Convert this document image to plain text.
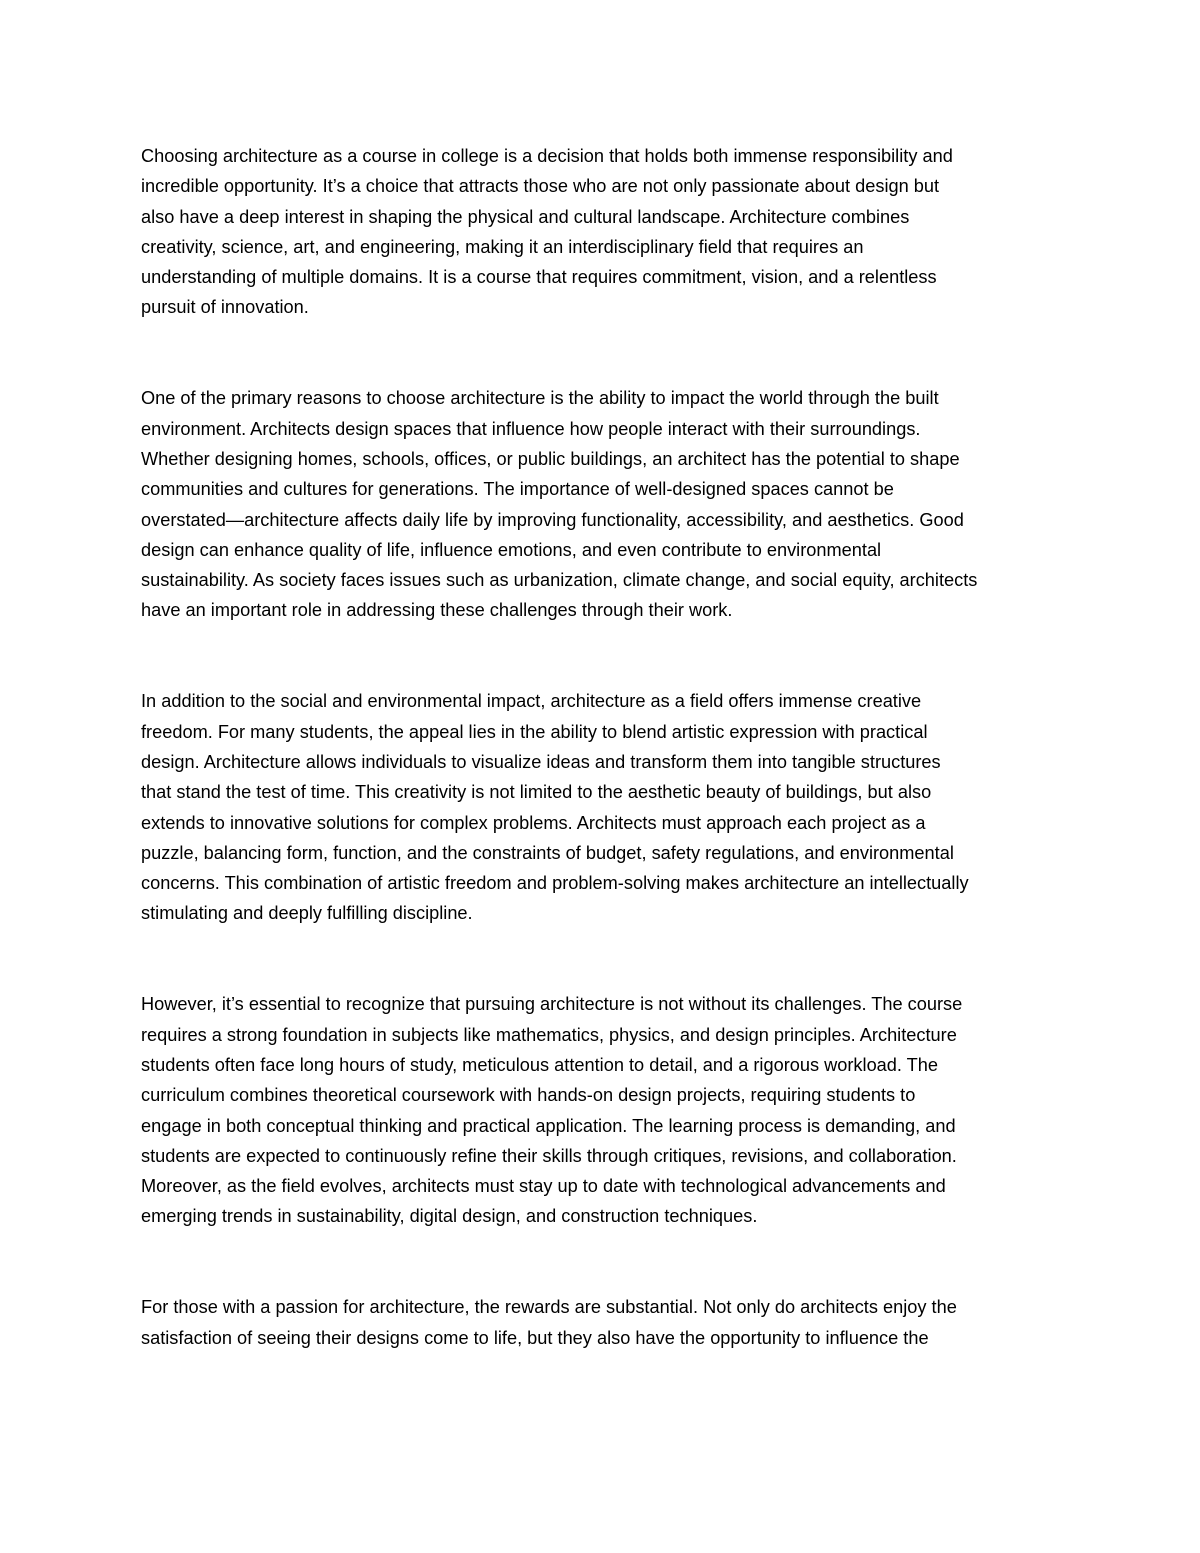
Choosing architecture as a course in college is a decision that holds both immense responsibility and
incredible opportunity. It’s a choice that attracts those who are not only passionate about design but
also have a deep interest in shaping the physical and cultural landscape. Architecture combines
creativity, science, art, and engineering, making it an interdisciplinary field that requires an
understanding of multiple domains. It is a course that requires commitment, vision, and a relentless
pursuit of innovation.

One of the primary reasons to choose architecture is the ability to impact the world through the built
environment. Architects design spaces that influence how people interact with their surroundings.
Whether designing homes, schools, offices, or public buildings, an architect has the potential to shape
communities and cultures for generations. The importance of well-designed spaces cannot be
overstated—architecture affects daily life by improving functionality, accessibility, and aesthetics. Good
design can enhance quality of life, influence emotions, and even contribute to environmental
sustainability. As society faces issues such as urbanization, climate change, and social equity, architects
have an important role in addressing these challenges through their work.

In addition to the social and environmental impact, architecture as a field offers immense creative
freedom. For many students, the appeal lies in the ability to blend artistic expression with practical
design. Architecture allows individuals to visualize ideas and transform them into tangible structures
that stand the test of time. This creativity is not limited to the aesthetic beauty of buildings, but also
extends to innovative solutions for complex problems. Architects must approach each project as a
puzzle, balancing form, function, and the constraints of budget, safety regulations, and environmental
concerns. This combination of artistic freedom and problem-solving makes architecture an intellectually
stimulating and deeply fulfilling discipline.

However, it’s essential to recognize that pursuing architecture is not without its challenges. The course
requires a strong foundation in subjects like mathematics, physics, and design principles. Architecture
students often face long hours of study, meticulous attention to detail, and a rigorous workload. The
curriculum combines theoretical coursework with hands-on design projects, requiring students to
engage in both conceptual thinking and practical application. The learning process is demanding, and
students are expected to continuously refine their skills through critiques, revisions, and collaboration.
Moreover, as the field evolves, architects must stay up to date with technological advancements and
emerging trends in sustainability, digital design, and construction techniques.

For those with a passion for architecture, the rewards are substantial. Not only do architects enjoy the
satisfaction of seeing their designs come to life, but they also have the opportunity to influence the
